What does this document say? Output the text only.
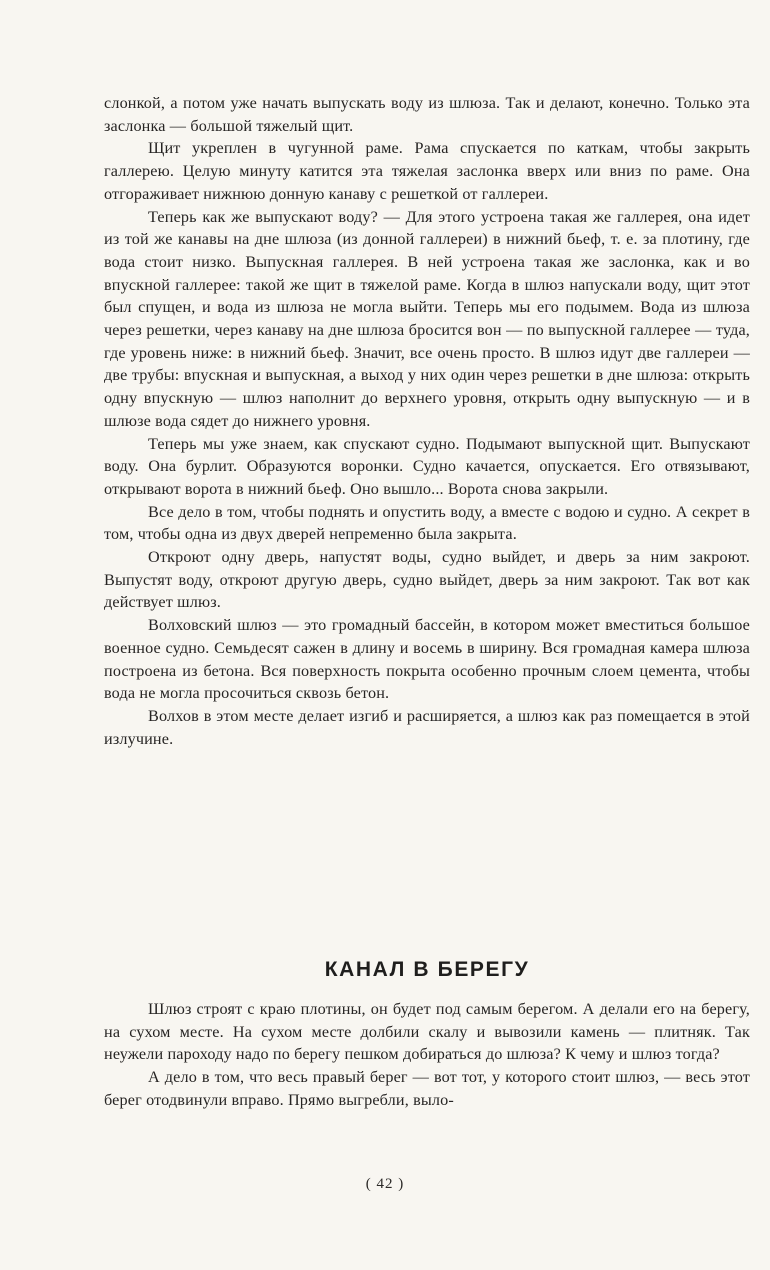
слонкой, а потом уже начать выпускать воду из шлюза. Так и делают, конечно. Только эта заслонка — большой тяжелый щит.

Щит укреплен в чугунной раме. Рама спускается по каткам, чтобы закрыть галлерею. Целую минуту катится эта тяжелая заслонка вверх или вниз по раме. Она отгораживает нижнюю донную канаву с решеткой от галлереи.

Теперь как же выпускают воду? — Для этого устроена такая же галлерея, она идет из той же канавы на дне шлюза (из донной галлереи) в нижний бьеф, т. е. за плотину, где вода стоит низко. Выпускная галлерея. В ней устроена такая же заслонка, как и во впускной галлерее: такой же щит в тяжелой раме. Когда в шлюз напускали воду, щит этот был спущен, и вода из шлюза не могла выйти. Теперь мы его подымем. Вода из шлюза через решетки, через канаву на дне шлюза бросится вон — по выпускной галлерее — туда, где уровень ниже: в нижний бьеф. Значит, все очень просто. В шлюз идут две галлереи — две трубы: впускная и выпускная, а выход у них один через решетки в дне шлюза: открыть одну впускную — шлюз наполнит до верхнего уровня, открыть одну выпускную — и в шлюзе вода сядет до нижнего уровня.

Теперь мы уже знаем, как спускают судно. Подымают выпускной щит. Выпускают воду. Она бурлит. Образуются воронки. Судно качается, опускается. Его отвязывают, открывают ворота в нижний бьеф. Оно вышло... Ворота снова закрыли.

Все дело в том, чтобы поднять и опустить воду, а вместе с водою и судно. А секрет в том, чтобы одна из двух дверей непременно была закрыта.

Откроют одну дверь, напустят воды, судно выйдет, и дверь за ним закроют. Выпустят воду, откроют другую дверь, судно выйдет, дверь за ним закроют. Так вот как действует шлюз.

Волховский шлюз — это громадный бассейн, в котором может вместиться большое военное судно. Семьдесят сажен в длину и восемь в ширину. Вся громадная камера шлюза построена из бетона. Вся поверхность покрыта особенно прочным слоем цемента, чтобы вода не могла просочиться сквозь бетон.

Волхов в этом месте делает изгиб и расширяется, а шлюз как раз помещается в этой излучине.

КАНАЛ В БЕРЕГУ

Шлюз строят с краю плотины, он будет под самым берегом. А делали его на берегу, на сухом месте. На сухом месте долбили скалу и вывозили камень — плитняк. Так неужели пароходу надо по берегу пешком добираться до шлюза? К чему и шлюз тогда?

А дело в том, что весь правый берег — вот тот, у которого стоит шлюз, — весь этот берег отодвинули вправо. Прямо выгребли, выло-

( 42 )
